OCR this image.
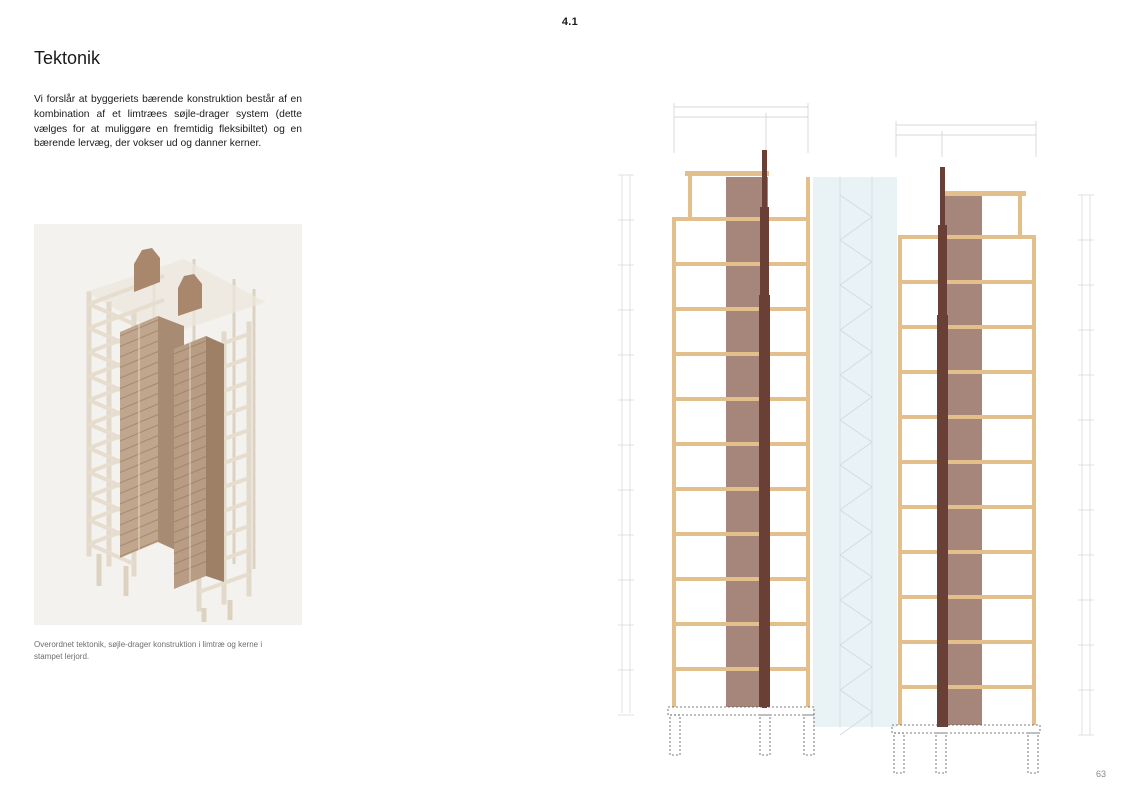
4.1
Tektonik

Vi forslår at byggeriets bærende konstruktion består af en kombination af et limtræes søjle-drager system (dette vælges for at muliggøre en fremtidig fleksibiltet) og en bærende lervæg, der vokser ud og danner kerner.

Overordnet tektonik, søjle-drager konstruktion i limtræ og kerne i stampet lerjord.

63
